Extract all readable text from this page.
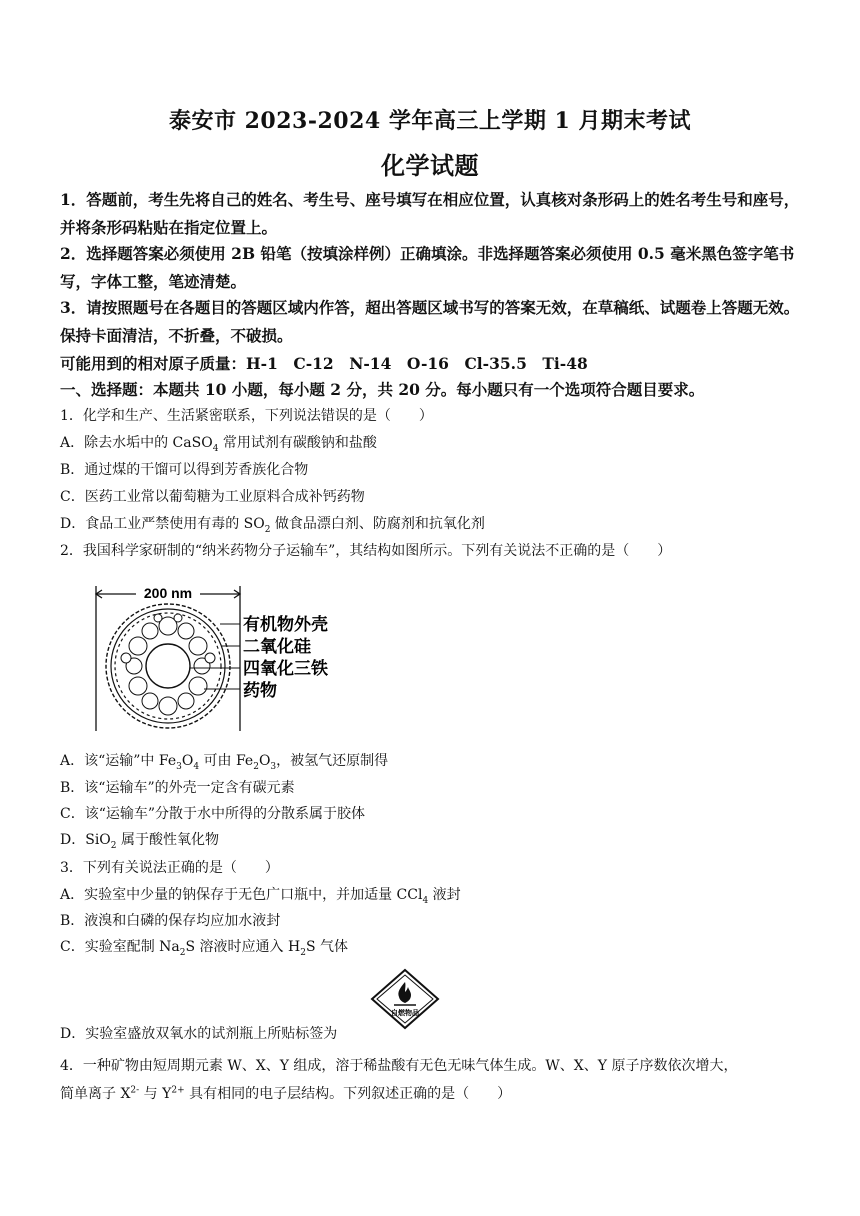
泰安市 2023-2024 学年高三上学期 1 月期末考试
化学试题
1．答题前，考生先将自己的姓名、考生号、座号填写在相应位置，认真核对条形码上的姓名考生号和座号，并将条形码粘贴在指定位置上。
2．选择题答案必须使用 2B 铅笔（按填涂样例）正确填涂。非选择题答案必须使用 0.5 毫米黑色签字笔书写，字体工整，笔迹清楚。
3．请按照题号在各题目的答题区域内作答，超出答题区域书写的答案无效，在草稿纸、试题卷上答题无效。保持卡面清洁，不折叠，不破损。
可能用到的相对原子质量：H-1　C-12　N-14　O-16　Cl-35.5　Ti-48
一、选择题：本题共 10 小题，每小题 2 分，共 20 分。每小题只有一个选项符合题目要求。
1．化学和生产、生活紧密联系，下列说法错误的是（　　）
A．除去水垢中的 CaSO$_4$ 常用试剂有碳酸钠和盐酸
B．通过煤的干馏可以得到芳香族化合物
C．医药工业常以葡萄糖为工业原料合成补钙药物
D．食品工业严禁使用有毒的 $SO_2$ 做食品漂白剂、防腐剂和抗氧化剂
2．我国科学家研制的“纳米药物分子运输车”，其结构如图所示。下列有关说法不正确的是（　　）
200 nm
有机物外壳
二氧化硅
四氧化三铁
药物
A．该“运输”中 $Fe_3O_4$ 可由 $Fe_2O_3$，被氢气还原制得
B．该“运输车”的外壳一定含有碳元素
C．该“运输车”分散于水中所得的分散系属于胶体
D．SiO$_2$ 属于酸性氧化物
3．下列有关说法正确的是（　　）
A．实验室中少量的钠保存于无色广口瓶中，并加适量 CCl$_4$ 液封
B．液溴和白磷的保存均应加水液封
C．实验室配制 $Na_2S$ 溶液时应通入 $H_2S$ 气体
自燃物品
D．实验室盛放双氧水的试剂瓶上所贴标签为
4．一种矿物由短周期元素 W、X、Y 组成，溶于稀盐酸有无色无味气体生成。W、X、Y 原子序数依次增大，
简单离子 $X^{2-}$ 与 $Y^{2+}$ 具有相同的电子层结构。下列叙述正确的是（　　）
